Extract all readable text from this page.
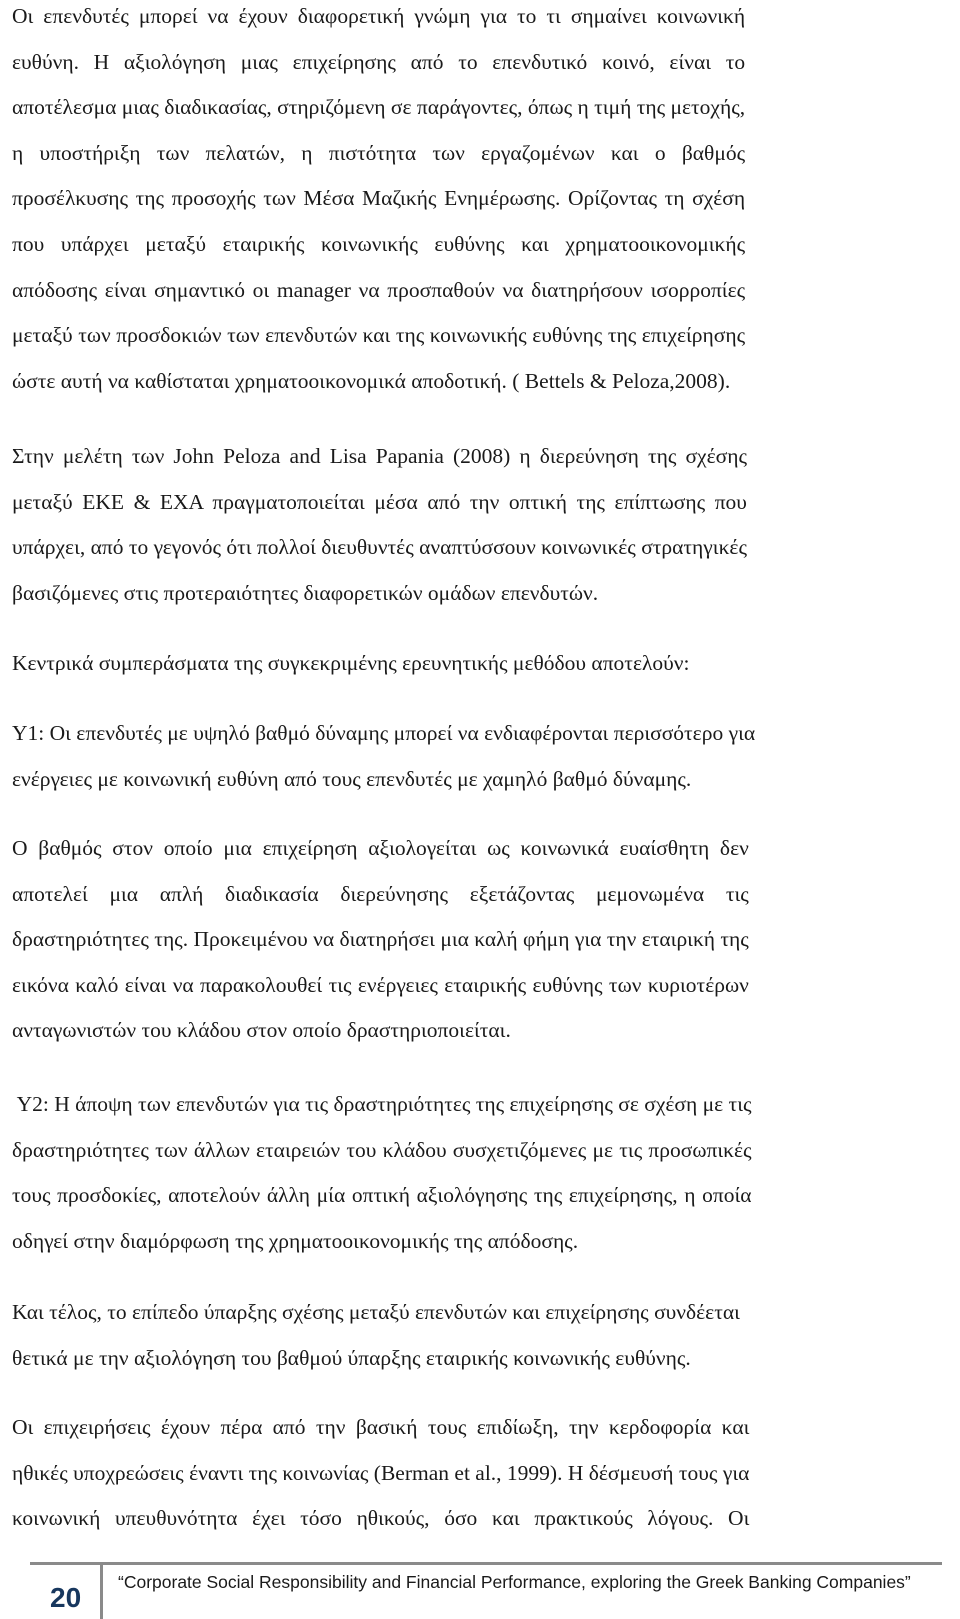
Οι επενδυτές μπορεί να έχουν διαφορετική γνώμη για το τι σημαίνει κοινωνική
ευθύνη. Η αξιολόγηση μιας επιχείρησης από το επενδυτικό κοινό, είναι το
αποτέλεσμα μιας διαδικασίας, στηριζόμενη σε παράγοντες, όπως η τιμή της μετοχής,
η υποστήριξη των πελατών, η πιστότητα των εργαζομένων και ο βαθμός
προσέλκυσης της προσοχής των Μέσα Μαζικής Ενημέρωσης. Ορίζοντας τη σχέση
που υπάρχει μεταξύ εταιρικής κοινωνικής ευθύνης και χρηματοοικονομικής
απόδοσης είναι σημαντικό οι manager να προσπαθούν να διατηρήσουν ισορροπίες
μεταξύ των προσδοκιών των επενδυτών και της κοινωνικής ευθύνης της επιχείρησης
ώστε αυτή να καθίσταται χρηματοοικονομικά αποδοτική. ( Bettels & Peloza,2008).

Στην μελέτη των John Peloza and Lisa Papania (2008) η διερεύνηση της σχέσης
μεταξύ ΕΚΕ & ΕΧΑ πραγματοποιείται μέσα από την οπτική της επίπτωσης που
υπάρχει, από το γεγονός ότι πολλοί διευθυντές αναπτύσσουν κοινωνικές στρατηγικές
βασιζόμενες στις προτεραιότητες διαφορετικών ομάδων επενδυτών.

Κεντρικά συμπεράσματα της συγκεκριμένης ερευνητικής μεθόδου αποτελούν:

Υ1: Οι επενδυτές με υψηλό βαθμό δύναμης μπορεί να ενδιαφέρονται περισσότερο για
ενέργειες με κοινωνική ευθύνη από τους επενδυτές με χαμηλό βαθμό δύναμης.

Ο βαθμός στον οποίο μια επιχείρηση αξιολογείται ως κοινωνικά ευαίσθητη δεν
αποτελεί μια απλή διαδικασία διερεύνησης εξετάζοντας μεμονωμένα τις
δραστηριότητες της. Προκειμένου να διατηρήσει μια καλή φήμη για την εταιρική της
εικόνα καλό είναι να παρακολουθεί τις ενέργειες εταιρικής ευθύνης των κυριοτέρων
ανταγωνιστών του κλάδου στον οποίο δραστηριοποιείται.

Υ2: Η άποψη των επενδυτών για τις δραστηριότητες της επιχείρησης σε σχέση με τις
δραστηριότητες των άλλων εταιρειών του κλάδου συσχετιζόμενες με τις προσωπικές
τους προσδοκίες, αποτελούν άλλη μία οπτική αξιολόγησης της επιχείρησης, η οποία
οδηγεί στην διαμόρφωση της χρηματοοικονομικής της απόδοσης.

Και τέλος, το επίπεδο ύπαρξης σχέσης μεταξύ επενδυτών και επιχείρησης συνδέεται
θετικά με την αξιολόγηση του βαθμού ύπαρξης εταιρικής κοινωνικής ευθύνης.

Οι επιχειρήσεις έχουν πέρα από την βασική τους επιδίωξη, την κερδοφορία και
ηθικές υποχρεώσεις έναντι της κοινωνίας (Berman et al., 1999). Η δέσμευσή τους για
κοινωνική υπευθυνότητα έχει τόσο ηθικούς, όσο και πρακτικούς λόγους. Οι

20	“Corporate Social Responsibility and Financial Performance, exploring the Greek Banking Companies”
